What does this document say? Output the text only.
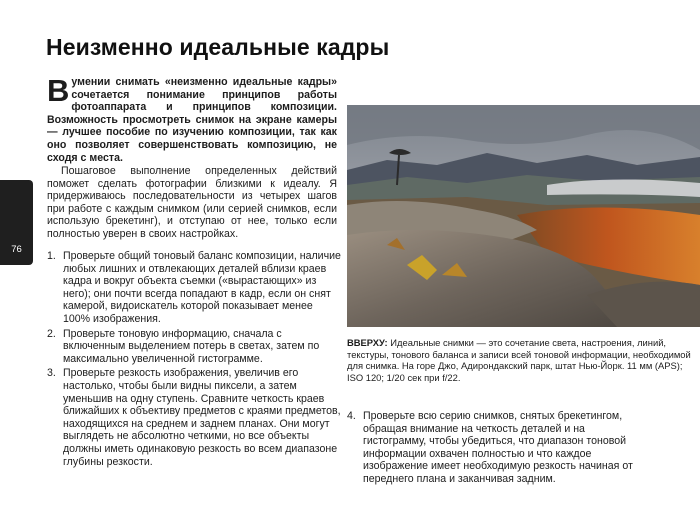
Неизменно идеальные кадры
76
Вумении снимать «неизменно идеальные кадры» сочетается понимание принципов работы фотоаппарата и принципов композиции. Возможность просмотреть снимок на экране камеры — лучшее пособие по изучению композиции, так как оно позволяет совершенствовать композицию, не сходя с места.
Пошаговое выполнение определенных действий поможет сделать фотографии близкими к идеалу. Я придерживаюсь последовательности из четырех шагов при работе с каждым снимком (или серией снимков, если использую брекетинг), и отступаю от нее, только если полностью уверен в своих настройках.
1. Проверьте общий тоновый баланс композиции, наличие любых лишних и отвлекающих деталей вблизи краев кадра и вокруг объекта съемки («вырастающих» из него); они почти всегда попадают в кадр, если он снят камерой, видоискатель которой показывает менее 100% изображения.
2. Проверьте тоновую информацию, сначала с включенным выделением потерь в светах, затем по максимально увеличенной гистограмме.
3. Проверьте резкость изображения, увеличив его настолько, чтобы были видны пиксели, а затем уменьшив на одну ступень. Сравните четкость краев ближайших к объективу предметов с краями предметов, находящихся на среднем и заднем планах. Они могут выглядеть не абсолютно четкими, но все объекты должны иметь одинаковую резкость во всем диапазоне глубины резкости.
ВВЕРХУ: Идеальные снимки — это сочетание света, настроения, линий, текстуры, тонового баланса и записи всей тоновой информации, необходимой для снимка. На горе Джо, Адирондакский парк, штат Нью-Йорк. 11 мм (APS); ISO 120; 1/20 сек при f/22.
4. Проверьте всю серию снимков, снятых брекетингом, обращая внимание на четкость деталей и на гистограмму, чтобы убедиться, что диапазон тоновой информации охвачен полностью и что каждое изображение имеет необходимую резкость начиная от переднего плана и заканчивая задним.
